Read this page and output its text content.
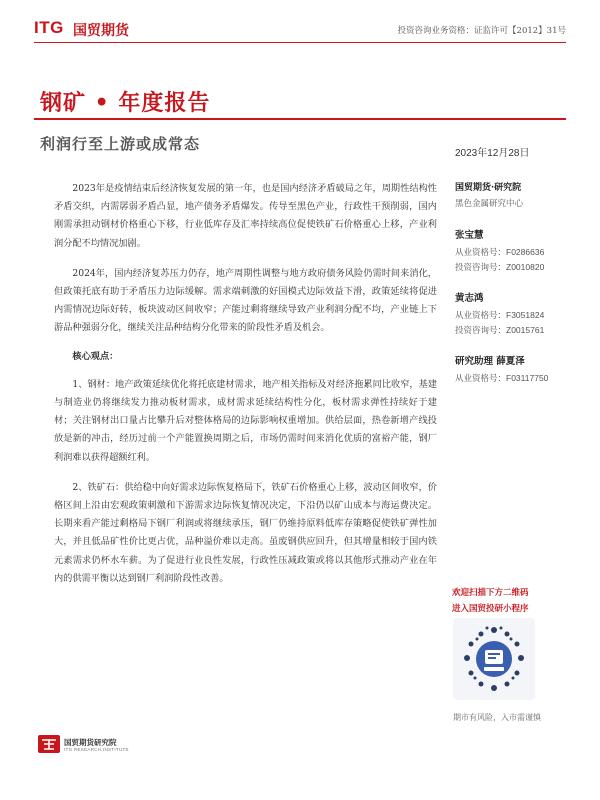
ITG 国贸期货	投资咨询业务资格：证监许可【2012】31号
钢矿 • 年度报告
利润行至上游或成常态
2023年12月28日

2023年是疫情结束后经济恢复发展的第一年，也是国内经济矛盾破局之年，周期性结构性矛盾交织，内需孱弱矛盾凸显，地产债务矛盾爆发。传导至黑色产业，行政性干预削弱，国内刚需承担动钢材价格重心下移，行业低库存及汇率持续高位促使铁矿石价格重心上移，产业利润分配不均情况加剧。

2024年，国内经济复苏压力仍存，地产周期性调整与地方政府债务风险仍需时间来消化，但政策托底有助于矛盾压力边际缓解。需求端刺激的好国模式边际效益下滑，政策延续将促进内需情况边际好转，板块波动区间收窄；产能过剩将继续导致产业利润分配不均，产业链上下游品种强弱分化，继续关注品种结构分化带来的阶段性矛盾及机会。

核心观点：

1、钢材：地产政策延续优化将托底建材需求，地产相关指标及对经济拖累同比收窄，基建与制造业仍将继续发力推动板材需求，成材需求延续结构性分化，板材需求弹性持续好于建材；关注钢材出口量占比攀升后对整体格局的边际影响权重增加。供给层面，热卷新增产线投放是新的冲击，经历过前一个产能置换周期之后，市场仍需时间来消化优质的富裕产能，钢厂利润难以获得超额红利。

2、铁矿石：供给稳中向好需求边际恢复格局下，铁矿石价格重心上移，波动区间收窄，价格区间上沿由宏观政策刺激和下游需求边际恢复情况决定，下沿仍以矿山成本与海运费决定。长期来看产能过剩格局下钢厂利润或将继续承压，钢厂仍维持原料低库存策略促使铁矿弹性加大，并且低品矿性价比更占优，品种溢价难以走高。虽废钢供应回升，但其增量相较于国内铁元素需求仍杯水车薪。为了促进行业良性发展，行政性压减政策或将以其他形式推动产业在年内的供需平衡以达到钢厂利润阶段性改善。

国贸期货·研究院
黑色金属研究中心
张宝慧
从业资格号：F0286636
投资咨询号：Z0010820
黄志鸿
从业资格号：F3051824
投资咨询号：Z0015761
研究助理 薛夏泽
从业资格号：F03117750
欢迎扫描下方二维码
进入国贸投研小程序
期市有风险，入市需谨慎
国贸期货研究院
ITG RESEARCH INSTITUTE
